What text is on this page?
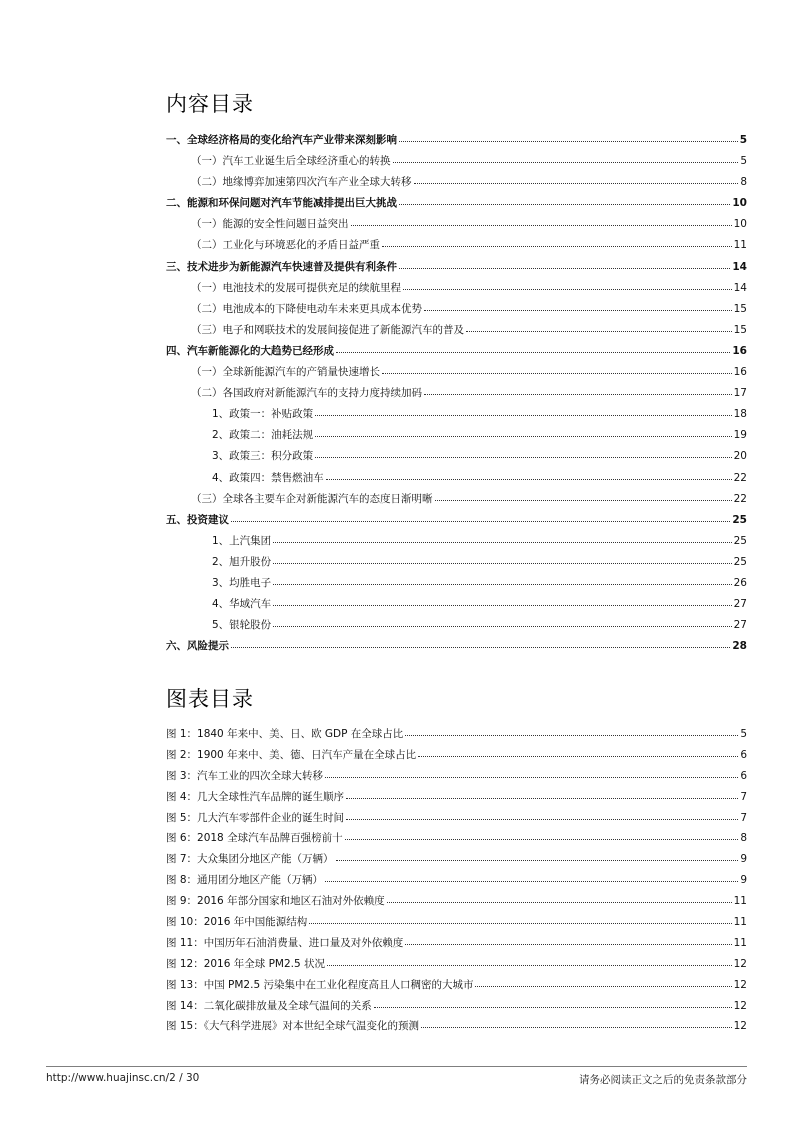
内容目录
一、全球经济格局的变化给汽车产业带来深刻影响	5
（一）汽车工业诞生后全球经济重心的转换	5
（二）地缘博弈加速第四次汽车产业全球大转移	8
二、能源和环保问题对汽车节能减排提出巨大挑战	10
（一）能源的安全性问题日益突出	10
（二）工业化与环境恶化的矛盾日益严重	11
三、技术进步为新能源汽车快速普及提供有利条件	14
（一）电池技术的发展可提供充足的续航里程	14
（二）电池成本的下降使电动车未来更具成本优势	15
（三）电子和网联技术的发展间接促进了新能源汽车的普及	15
四、汽车新能源化的大趋势已经形成	16
（一）全球新能源汽车的产销量快速增长	16
（二）各国政府对新能源汽车的支持力度持续加码	17
1、政策一：补贴政策	18
2、政策二：油耗法规	19
3、政策三：积分政策	20
4、政策四：禁售燃油车	22
（三）全球各主要车企对新能源汽车的态度日渐明晰	22
五、投资建议	25
1、上汽集团	25
2、旭升股份	25
3、均胜电子	26
4、华域汽车	27
5、银轮股份	27
六、风险提示	28
图表目录
图 1：1840 年来中、美、日、欧 GDP 在全球占比	5
图 2：1900 年来中、美、德、日汽车产量在全球占比	6
图 3：汽车工业的四次全球大转移	6
图 4：几大全球性汽车品牌的诞生顺序	7
图 5：几大汽车零部件企业的诞生时间	7
图 6：2018 全球汽车品牌百强榜前十	8
图 7：大众集团分地区产能（万辆）	9
图 8：通用团分地区产能（万辆）	9
图 9：2016 年部分国家和地区石油对外依赖度	11
图 10：2016 年中国能源结构	11
图 11：中国历年石油消费量、进口量及对外依赖度	11
图 12：2016 年全球 PM2.5 状况	12
图 13：中国 PM2.5 污染集中在工业化程度高且人口稠密的大城市	12
图 14：二氧化碳排放量及全球气温间的关系	12
图 15：《大气科学进展》对本世纪全球气温变化的预测	12
http://www.huajinsc.cn/2 / 30	请务必阅读正文之后的免责条款部分
